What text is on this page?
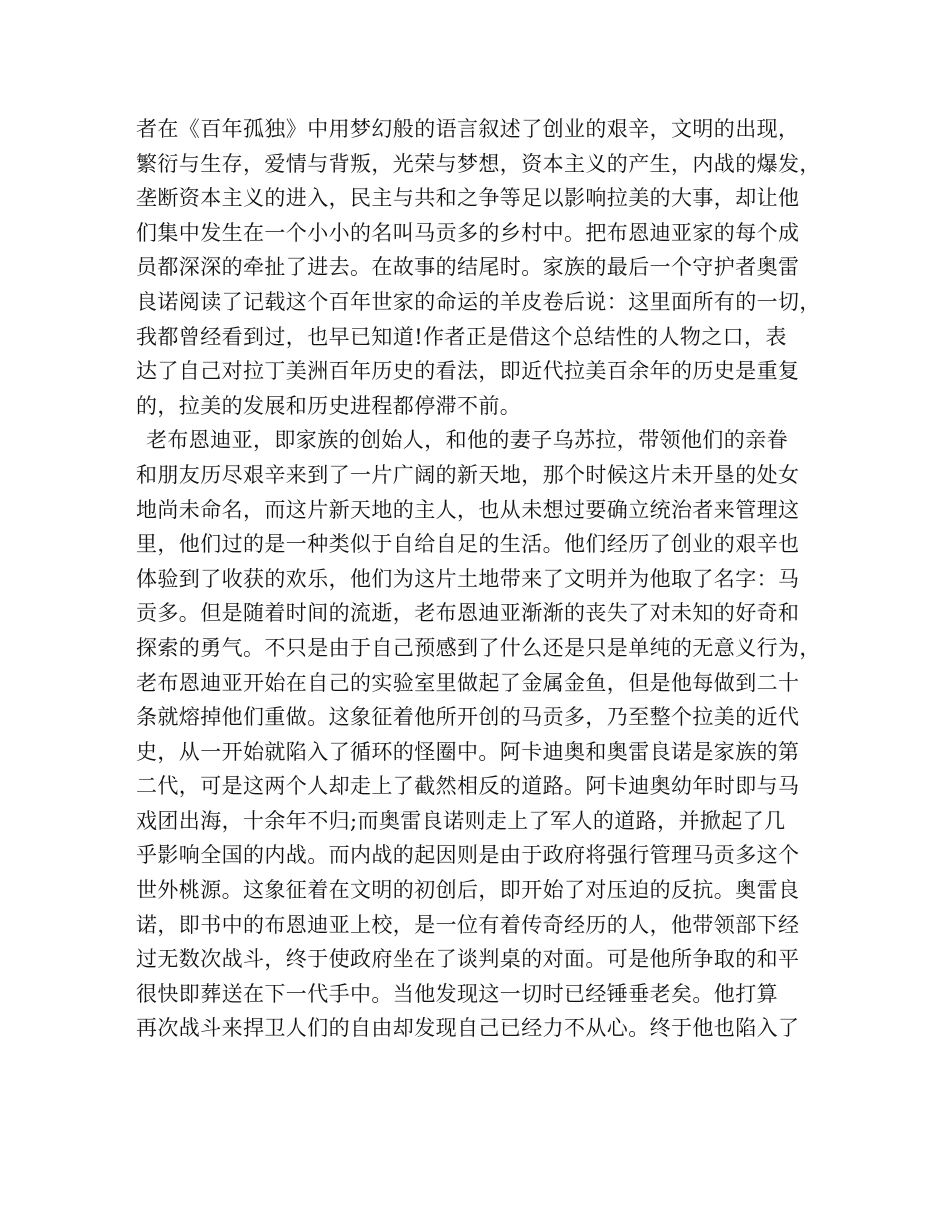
者在《百年孤独》中用梦幻般的语言叙述了创业的艰辛，文明的出现，
繁衍与生存，爱情与背叛，光荣与梦想，资本主义的产生，内战的爆发，
垄断资本主义的进入，民主与共和之争等足以影响拉美的大事，却让他
们集中发生在一个小小的名叫马贡多的乡村中。把布恩迪亚家的每个成
员都深深的牵扯了进去。在故事的结尾时。家族的最后一个守护者奥雷
良诺阅读了记载这个百年世家的命运的羊皮卷后说：这里面所有的一切，
我都曾经看到过，也早已知道!作者正是借这个总结性的人物之口，表
达了自己对拉丁美洲百年历史的看法，即近代拉美百余年的历史是重复
的，拉美的发展和历史进程都停滞不前。
老布恩迪亚，即家族的创始人，和他的妻子乌苏拉，带领他们的亲眷
和朋友历尽艰辛来到了一片广阔的新天地，那个时候这片未开垦的处女
地尚未命名，而这片新天地的主人，也从未想过要确立统治者来管理这
里，他们过的是一种类似于自给自足的生活。他们经历了创业的艰辛也
体验到了收获的欢乐，他们为这片土地带来了文明并为他取了名字：马
贡多。但是随着时间的流逝，老布恩迪亚渐渐的丧失了对未知的好奇和
探索的勇气。不只是由于自己预感到了什么还是只是单纯的无意义行为，
老布恩迪亚开始在自己的实验室里做起了金属金鱼，但是他每做到二十
条就熔掉他们重做。这象征着他所开创的马贡多，乃至整个拉美的近代
史，从一开始就陷入了循环的怪圈中。阿卡迪奥和奥雷良诺是家族的第
二代，可是这两个人却走上了截然相反的道路。阿卡迪奥幼年时即与马
戏团出海，十余年不归;而奥雷良诺则走上了军人的道路，并掀起了几
乎影响全国的内战。而内战的起因则是由于政府将强行管理马贡多这个
世外桃源。这象征着在文明的初创后，即开始了对压迫的反抗。奥雷良
诺，即书中的布恩迪亚上校，是一位有着传奇经历的人，他带领部下经
过无数次战斗，终于使政府坐在了谈判桌的对面。可是他所争取的和平
很快即葬送在下一代手中。当他发现这一切时已经锤垂老矣。他打算
再次战斗来捍卫人们的自由却发现自己已经力不从心。终于他也陷入了
